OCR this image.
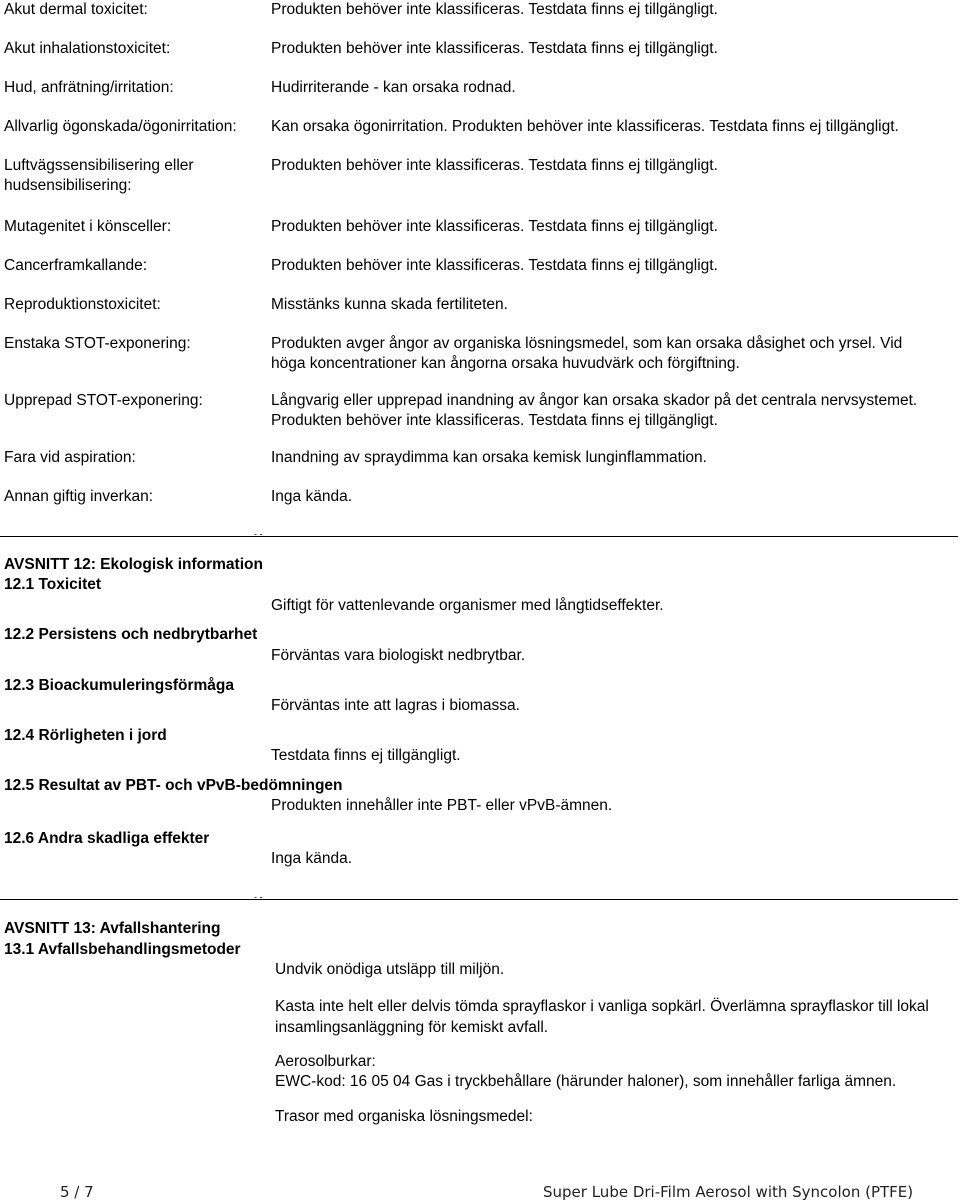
Akut dermal toxicitet:
Akut inhalationstoxicitet:
Hud, anfrätning/irritation:
Allvarlig ögonskada/ögonirritation:
Luftvägssensibilisering eller
hudsensibilisering:
Mutagenitet i könsceller:
Cancerframkallande:
Reproduktionstoxicitet:
Enstaka STOT-exponering:
Upprepad STOT-exponering:
Fara vid aspiration:
Annan giftig inverkan:
Produkten behöver inte klassificeras. Testdata finns ej tillgängligt.
Produkten behöver inte klassificeras. Testdata finns ej tillgängligt.
Hudirriterande - kan orsaka rodnad.
Kan orsaka ögonirritation. Produkten behöver inte klassificeras. Testdata finns ej tillgängligt.
Produkten behöver inte klassificeras. Testdata finns ej tillgängligt.
Produkten behöver inte klassificeras. Testdata finns ej tillgängligt.
Produkten behöver inte klassificeras. Testdata finns ej tillgängligt.
Misstänks kunna skada fertiliteten.
Produkten avger ångor av organiska lösningsmedel, som kan orsaka dåsighet och yrsel. Vid
höga koncentrationer kan ångorna orsaka huvudvärk och förgiftning.
Långvarig eller upprepad inandning av ångor kan orsaka skador på det centrala nervsystemet.
Produkten behöver inte klassificeras. Testdata finns ej tillgängligt.
Inandning av spraydimma kan orsaka kemisk lunginflammation.
Inga kända.
‐ ‐
AVSNITT 12: Ekologisk information
12.1 Toxicitet
Giftigt för vattenlevande organismer med långtidseffekter.
12.2 Persistens och nedbrytbarhet
Förväntas vara biologiskt nedbrytbar.
12.3 Bioackumuleringsförmåga
Förväntas inte att lagras i biomassa.
12.4 Rörligheten i jord
Testdata finns ej tillgängligt.
12.5 Resultat av PBT- och vPvB-bedömningen
Produkten innehåller inte PBT- eller vPvB-ämnen.
12.6 Andra skadliga effekter
Inga kända.
‐ ‐
AVSNITT 13: Avfallshantering
13.1 Avfallsbehandlingsmetoder
Undvik onödiga utsläpp till miljön.
Kasta inte helt eller delvis tömda sprayflaskor i vanliga sopkärl. Överlämna sprayflaskor till lokal insamlingsanläggning för kemiskt avfall.
Aerosolburkar:
EWC-kod: 16 05 04 Gas i tryckbehållare (härunder haloner), som innehåller farliga ämnen.
Trasor med organiska lösningsmedel:
5 / 7	Super Lube Dri-Film Aerosol with Syncolon (PTFE)
